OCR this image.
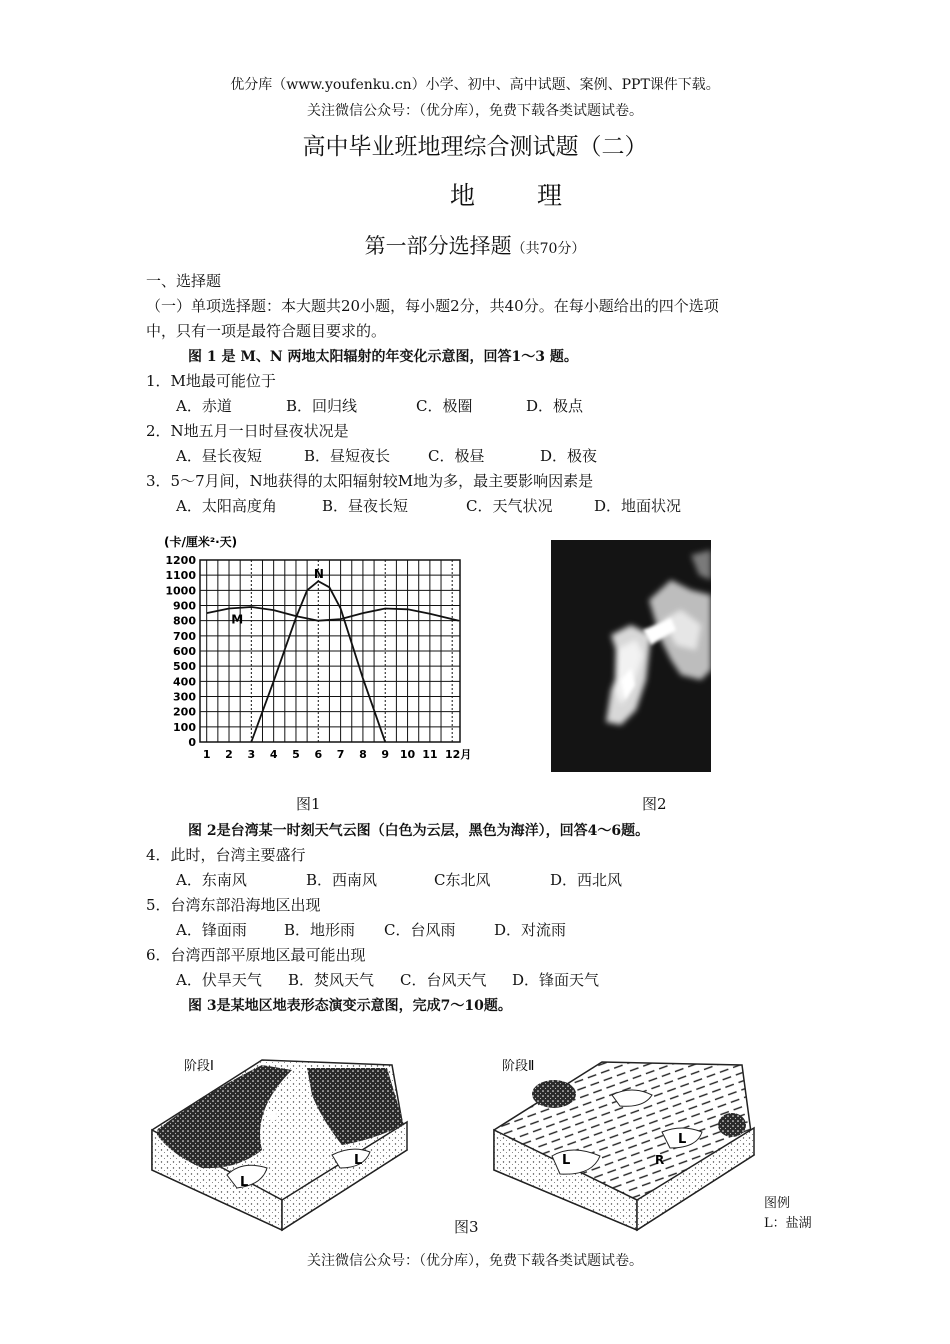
优分库（www.youfenku.cn）小学、初中、高中试题、案例、PPT课件下载。
关注微信公众号：（优分库），免费下载各类试题试卷。
高中毕业班地理综合测试题（二）
地理
第一部分选择题（共70分）
一、选择题
（一）单项选择题：本大题共20小题，每小题2分，共40分。在每小题给出的四个选项
中，只有一项是最符合题目要求的。
图 1 是 M、N 两地太阳辐射的年变化示意图，回答1～3 题。
1．M地最可能位于
A．赤道	B．回归线	C．极圈	D．极点
2．N地五月一日时昼夜状况是
A．昼长夜短	B．昼短夜长	C．极昼	D．极夜
3．5～7月间，N地获得的太阳辐射较M地为多，最主要影响因素是
A．太阳高度角	B．昼夜长短	C．天气状况	D．地面状况
(卡/厘米²·天)
0
100
200
300
400
500
600
700
800
900
1000
1100
1200
1 2 3 4 5 6 7 8 9 10 11 12月
M
N
图1	图2
图 2是台湾某一时刻天气云图（白色为云层，黑色为海洋），回答4～6题。
4．此时，台湾主要盛行
A．东南风	B．西南风	C东北风	D．西北风
5．台湾东部沿海地区出现
A．锋面雨 B．地形雨 C．台风雨	D．对流雨
6．台湾西部平原地区最可能出现
A．伏旱天气 B．焚风天气 C．台风天气 D．锋面天气
图 3是某地区地表形态演变示意图，完成7～10题。
N
L
L
阶段Ⅰ
L
L
R
阶段Ⅱ
图3
图例
L：盐湖
关注微信公众号：（优分库），免费下载各类试题试卷。
